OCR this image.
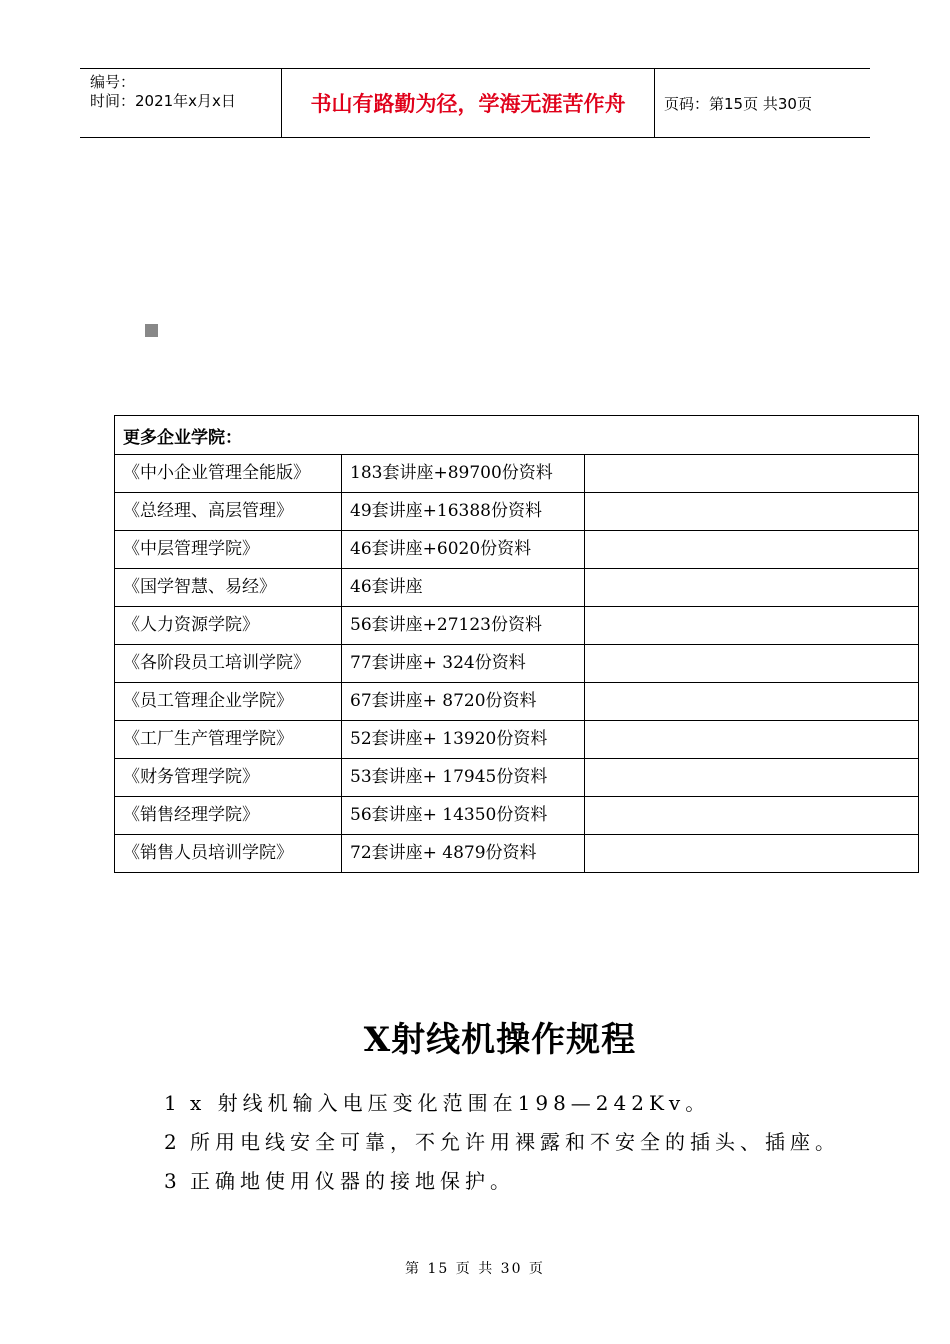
编号：
时间：2021年x月x日	书山有路勤为径，学海无涯苦作舟	页码：第15页 共30页
更多企业学院：		
《中小企业管理全能版》	183套讲座+89700份资料	
《总经理、高层管理》	49套讲座+16388份资料	
《中层管理学院》	46套讲座+6020份资料	
《国学智慧、易经》	46套讲座	
《人力资源学院》	56套讲座+27123份资料	
《各阶段员工培训学院》	77套讲座+ 324份资料	
《员工管理企业学院》	67套讲座+ 8720份资料	
《工厂生产管理学院》	52套讲座+ 13920份资料	
《财务管理学院》	53套讲座+ 17945份资料	
《销售经理学院》	56套讲座+ 14350份资料	
《销售人员培训学院》	72套讲座+ 4879份资料	
X射线机操作规程
1 x 射线机输入电压变化范围在198—242Kv。
2 所用电线安全可靠，不允许用裸露和不安全的插头、插座。
3 正确地使用仪器的接地保护。
第 15 页 共 30 页
